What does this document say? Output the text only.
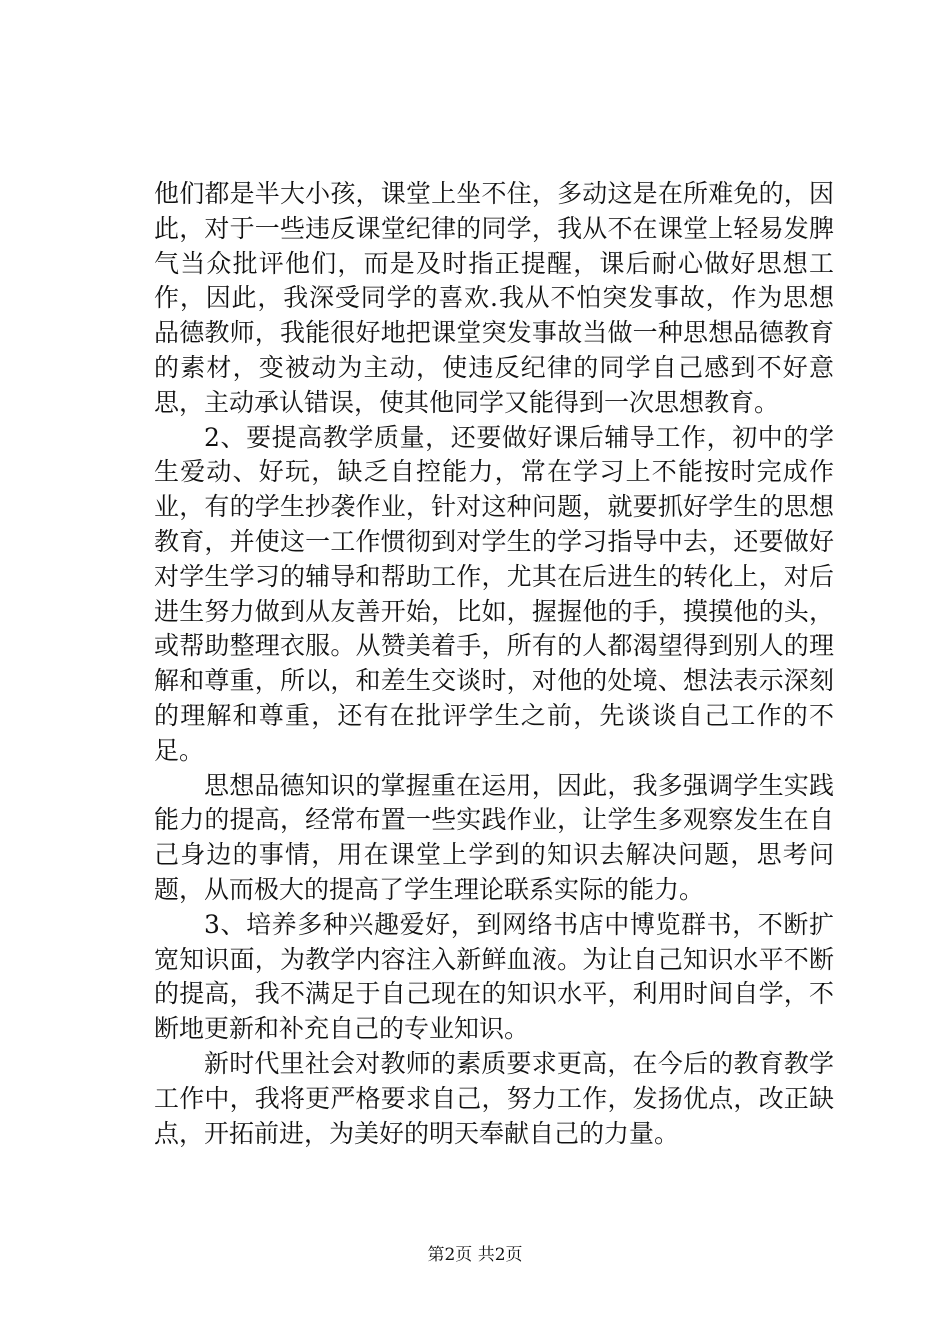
他们都是半大小孩，课堂上坐不住，多动这是在所难免的，因此，对于一些违反课堂纪律的同学，我从不在课堂上轻易发脾气当众批评他们，而是及时指正提醒，课后耐心做好思想工作，因此，我深受同学的喜欢.我从不怕突发事故，作为思想品德教师，我能很好地把课堂突发事故当做一种思想品德教育的素材，变被动为主动，使违反纪律的同学自己感到不好意思，主动承认错误，使其他同学又能得到一次思想教育。

2、要提高教学质量，还要做好课后辅导工作，初中的学生爱动、好玩，缺乏自控能力，常在学习上不能按时完成作业，有的学生抄袭作业，针对这种问题，就要抓好学生的思想教育，并使这一工作惯彻到对学生的学习指导中去，还要做好对学生学习的辅导和帮助工作，尤其在后进生的转化上，对后进生努力做到从友善开始，比如，握握他的手，摸摸他的头，或帮助整理衣服。从赞美着手，所有的人都渴望得到别人的理解和尊重，所以，和差生交谈时，对他的处境、想法表示深刻的理解和尊重，还有在批评学生之前，先谈谈自己工作的不足。

思想品德知识的掌握重在运用，因此，我多强调学生实践能力的提高，经常布置一些实践作业，让学生多观察发生在自己身边的事情，用在课堂上学到的知识去解决问题，思考问题，从而极大的提高了学生理论联系实际的能力。

3、培养多种兴趣爱好，到网络书店中博览群书，不断扩宽知识面，为教学内容注入新鲜血液。为让自己知识水平不断的提高，我不满足于自己现在的知识水平，利用时间自学，不断地更新和补充自己的专业知识。

新时代里社会对教师的素质要求更高，在今后的教育教学工作中，我将更严格要求自己，努力工作，发扬优点，改正缺点，开拓前进，为美好的明天奉献自己的力量。

第2页 共2页
